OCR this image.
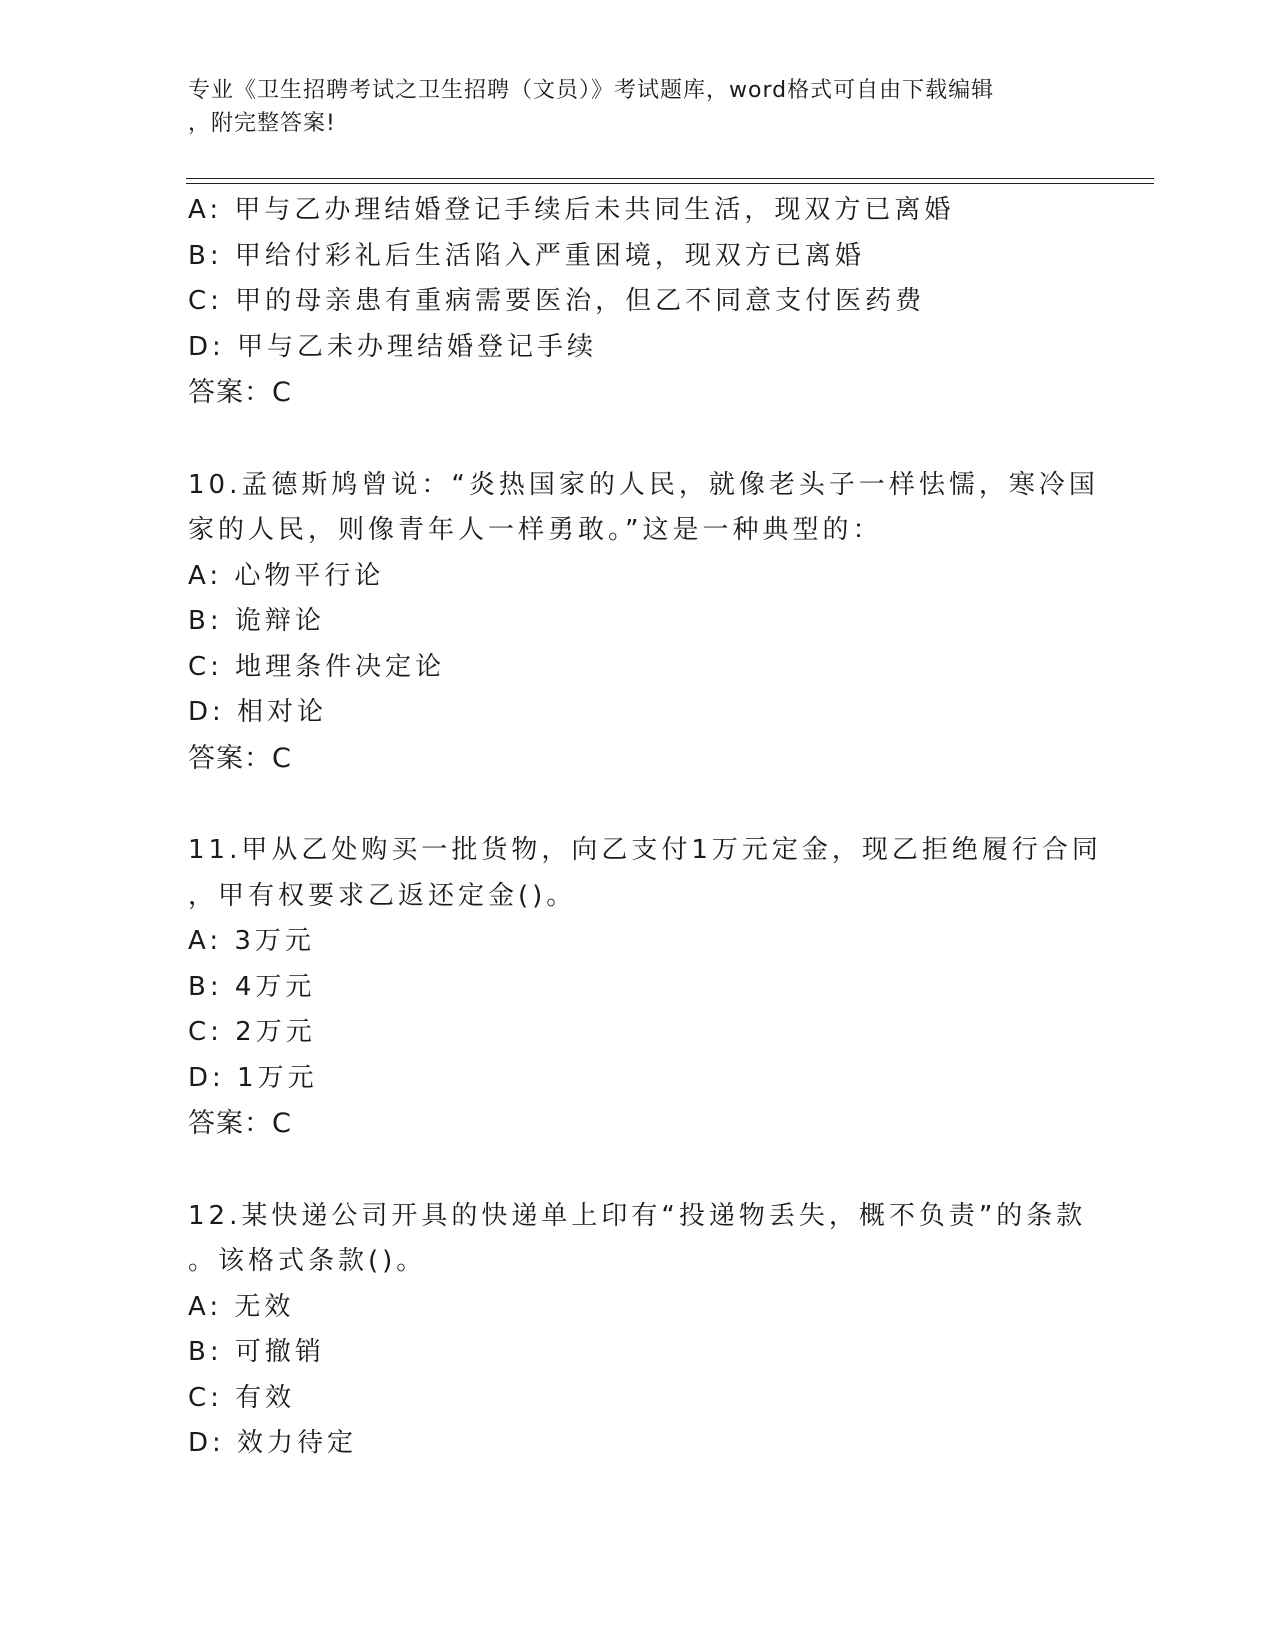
专业《卫生招聘考试之卫生招聘（文员）》考试题库，word格式可自由下载编辑
，附完整答案!
A: 甲与乙办理结婚登记手续后未共同生活，现双方已离婚
B: 甲给付彩礼后生活陷入严重困境，现双方已离婚
C: 甲的母亲患有重病需要医治，但乙不同意支付医药费
D: 甲与乙未办理结婚登记手续
答案：C
10.孟德斯鸠曾说：“炎热国家的人民，就像老头子一样怯懦，寒冷国
家的人民，则像青年人一样勇敢。”这是一种典型的：
A: 心物平行论
B: 诡辩论
C: 地理条件决定论
D: 相对论
答案：C
11.甲从乙处购买一批货物，向乙支付1万元定金，现乙拒绝履行合同
，甲有权要求乙返还定金()。
A: 3万元
B: 4万元
C: 2万元
D: 1万元
答案：C
12.某快递公司开具的快递单上印有“投递物丢失，概不负责”的条款
。该格式条款()。
A: 无效
B: 可撤销
C: 有效
D: 效力待定
